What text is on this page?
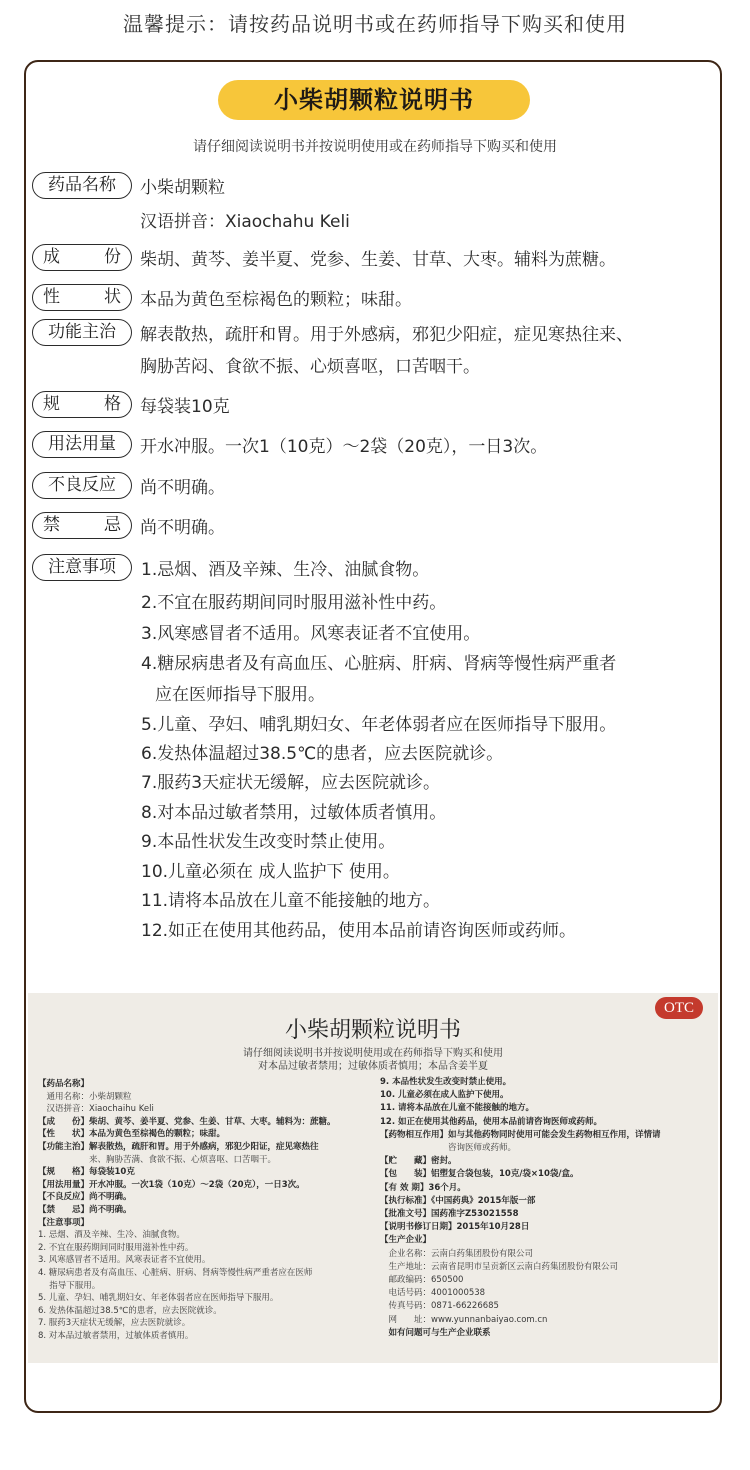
温馨提示：请按药品说明书或在药师指导下购买和使用
小柴胡颗粒说明书
请仔细阅读说明书并按说明使用或在药师指导下购买和使用
药品名称	小柴胡颗粒
汉语拼音：Xiaochahu Keli
成 份	柴胡、黄芩、姜半夏、党参、生姜、甘草、大枣。辅料为蔗糖。
性 状	本品为黄色至棕褐色的颗粒；味甜。
功能主治	解表散热，疏肝和胃。用于外感病，邪犯少阳症，症见寒热往来、
胸胁苦闷、食欲不振、心烦喜呕，口苦咽干。
规 格	每袋装10克
用法用量	开水冲服。一次1（10克）～2袋（20克），一日3次。
不良反应	尚不明确。
禁 忌	尚不明确。
注意事项	1.忌烟、酒及辛辣、生冷、油腻食物。
2.不宜在服药期间同时服用滋补性中药。
3.风寒感冒者不适用。风寒表证者不宜使用。
4.糖尿病患者及有高血压、心脏病、肝病、肾病等慢性病严重者
应在医师指导下服用。
5.儿童、孕妇、哺乳期妇女、年老体弱者应在医师指导下服用。
6.发热体温超过38.5℃的患者，应去医院就诊。
7.服药3天症状无缓解，应去医院就诊。
8.对本品过敏者禁用，过敏体质者慎用。
9.本品性状发生改变时禁止使用。
10.儿童必须在 成人监护下 使用。
11.请将本品放在儿童不能接触的地方。
12.如正在使用其他药品，使用本品前请咨询医师或药师。
OTC
小柴胡颗粒说明书
请仔细阅读说明书并按说明使用或在药师指导下购买和使用
对本品过敏者禁用；过敏体质者慎用；本品含姜半夏
【药品名称】
　通用名称：小柴胡颗粒
　汉语拼音：Xiaochaihu Keli
【成　　份】柴胡、黄芩、姜半夏、党参、生姜、甘草、大枣。辅料为：蔗糖。
【性　　状】本品为黄色至棕褐色的颗粒；味甜。
【功能主治】解表散热，疏肝和胃。用于外感病，邪犯少阳证，症见寒热往
　　　　　　来、胸胁苦满、食欲不振、心烦喜呕、口苦咽干。
【规　　格】每袋装10克
【用法用量】开水冲服。一次1袋（10克）～2袋（20克），一日3次。
【不良反应】尚不明确。
【禁　　忌】尚不明确。
【注意事项】
1. 忌烟、酒及辛辣、生冷、油腻食物。
2. 不宜在服药期间同时服用滋补性中药。
3. 风寒感冒者不适用。风寒表证者不宜使用。
4. 糖尿病患者及有高血压、心脏病、肝病、肾病等慢性病严重者应在医师
　 指导下服用。
5. 儿童、孕妇、哺乳期妇女、年老体弱者应在医师指导下服用。
6. 发热体温超过38.5℃的患者，应去医院就诊。
7. 服药3天症状无缓解，应去医院就诊。
8. 对本品过敏者禁用，过敏体质者慎用。
9. 本品性状发生改变时禁止使用。
10. 儿童必须在成人监护下使用。
11. 请将本品放在儿童不能接触的地方。
12. 如正在使用其他药品，使用本品前请咨询医师或药师。
【药物相互作用】如与其他药物同时使用可能会发生药物相互作用，详情请
　　　　　　　　咨询医师或药师。
【贮　　藏】密封。
【包　　装】铝塑复合袋包装，10克/袋×10袋/盒。
【有 效 期】36个月。
【执行标准】《中国药典》2015年版一部
【批准文号】国药准字Z53021558
【说明书修订日期】2015年10月28日
【生产企业】
　企业名称：云南白药集团股份有限公司
　生产地址：云南省昆明市呈贡新区云南白药集团股份有限公司
　邮政编码：650500
　电话号码：4001000538
　传真号码：0871-66226685
　网　　址：www.yunnanbaiyao.com.cn
　如有问题可与生产企业联系
